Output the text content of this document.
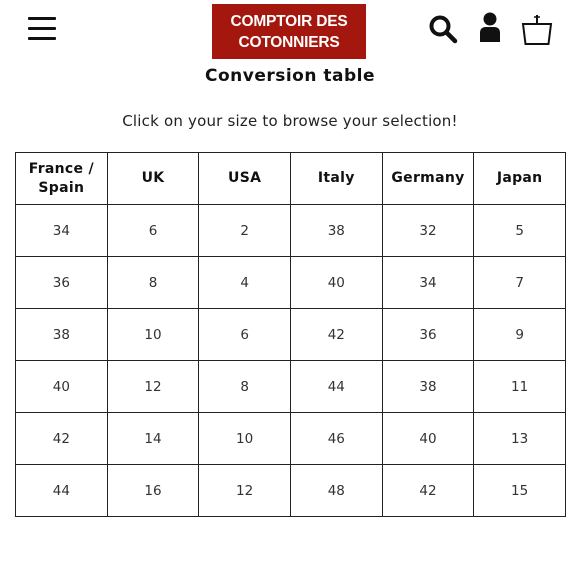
COMPTOIR DES
COTONNIERS
Conversion table
Click on your size to browse your selection!
France /
Spain	UK	USA	Italy	Germany	Japan
34	6	2	38	32	5
36	8	4	40	34	7
38	10	6	42	36	9
40	12	8	44	38	11
42	14	10	46	40	13
44	16	12	48	42	15
